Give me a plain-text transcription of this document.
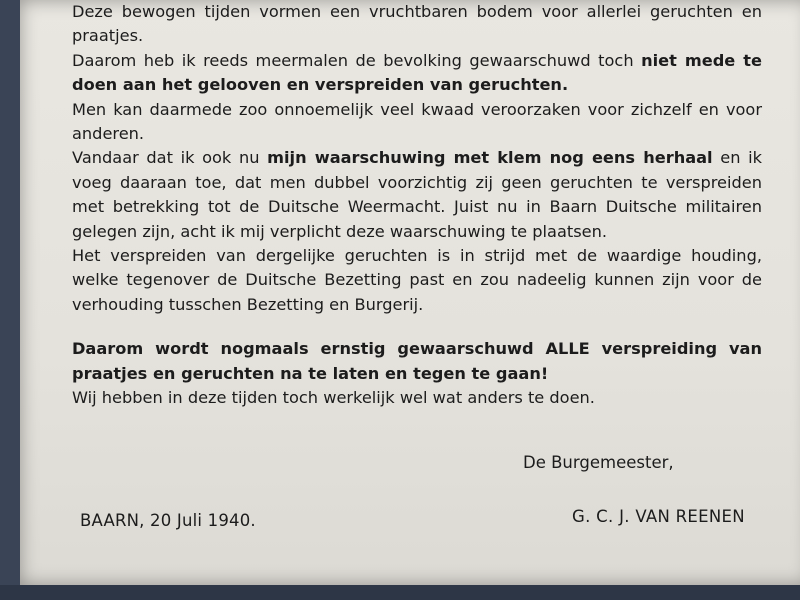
Deze bewogen tijden vormen een vruchtbaren bodem voor allerlei geruchten en praatjes.

Daarom heb ik reeds meermalen de bevolking gewaarschuwd toch niet mede te doen aan het gelooven en verspreiden van geruchten.

Men kan daarmede zoo onnoemelijk veel kwaad veroorzaken voor zichzelf en voor anderen.

Vandaar dat ik ook nu mijn waarschuwing met klem nog eens herhaal en ik voeg daaraan toe, dat men dubbel voorzichtig zij geen geruchten te verspreiden met betrekking tot de Duitsche Weermacht. Juist nu in Baarn Duitsche militairen gelegen zijn, acht ik mij verplicht deze waarschuwing te plaatsen.

Het verspreiden van dergelijke geruchten is in strijd met de waardige houding, welke tegenover de Duitsche Bezetting past en zou nadeelig kunnen zijn voor de verhouding tusschen Bezetting en Burgerij.

Daarom wordt nogmaals ernstig gewaarschuwd ALLE verspreiding van praatjes en geruchten na te laten en tegen te gaan!

Wij hebben in deze tijden toch werkelijk wel wat anders te doen.

De Burgemeester,
BAARN, 20 Juli 1940.	G. C. J. VAN REENEN
